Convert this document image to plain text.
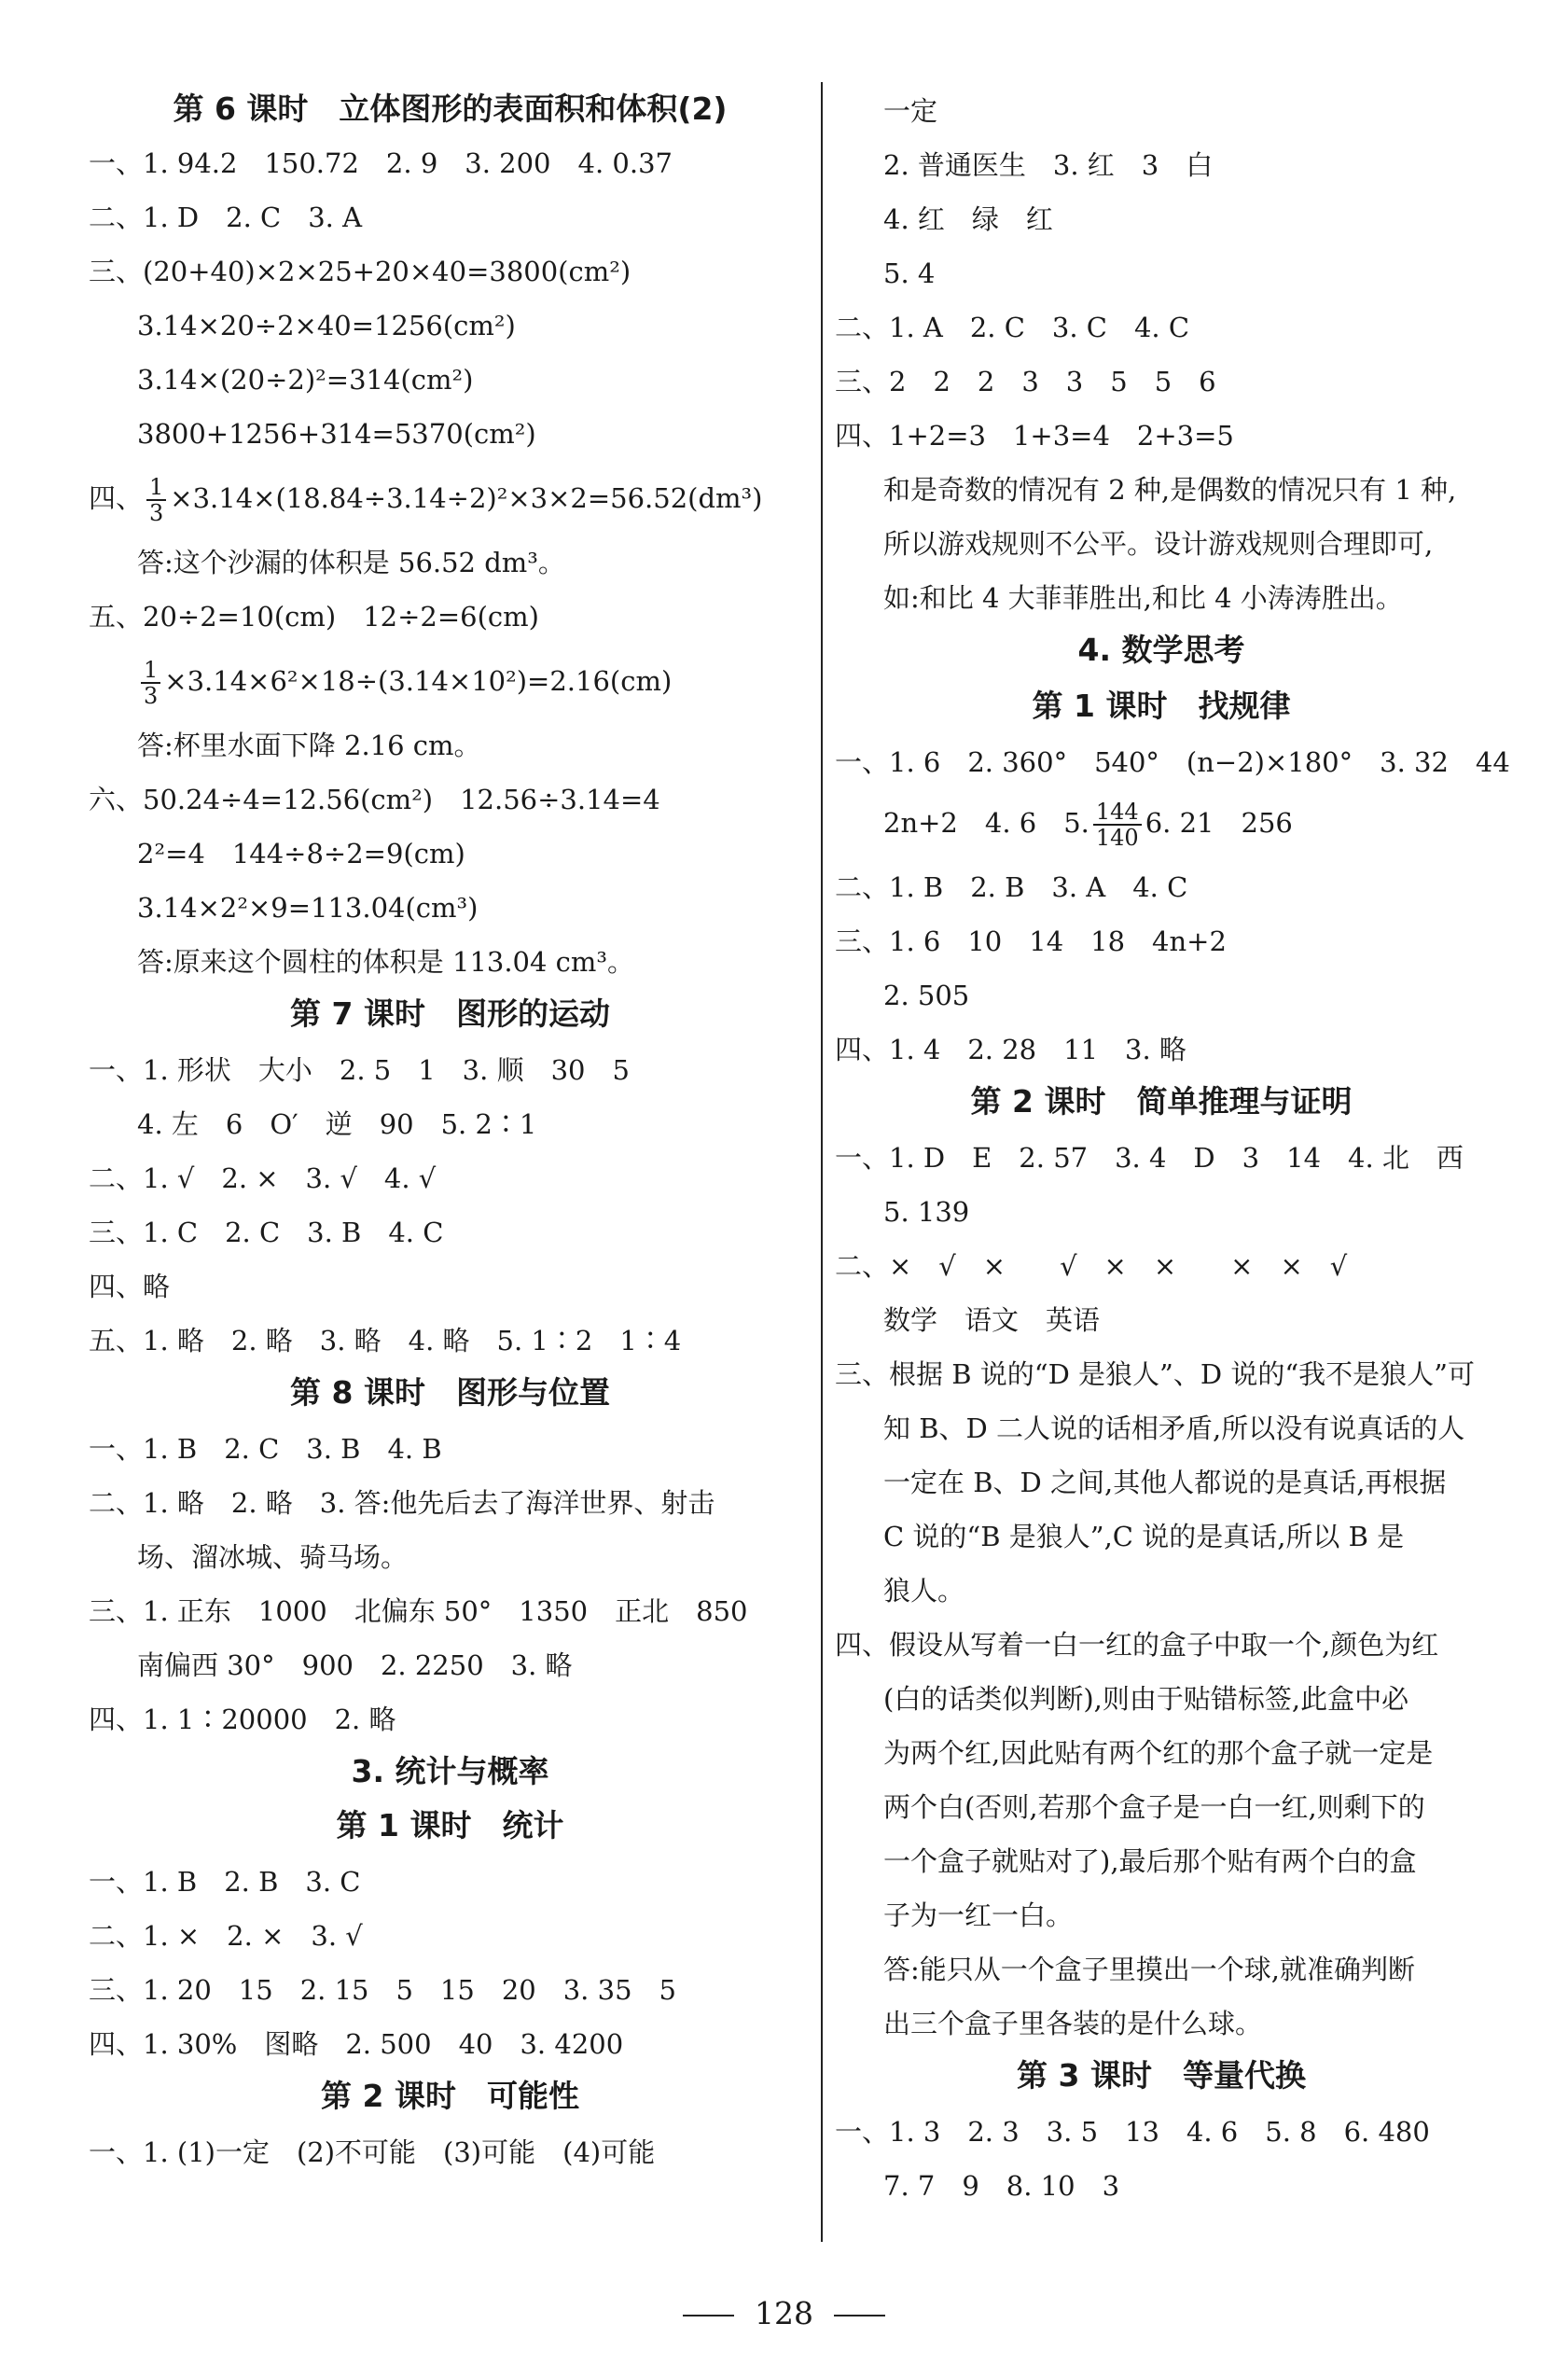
第 6 课时　立体图形的表面积和体积(2)
一、1. 94.2　150.72　2. 9　3. 200　4. 0.37
二、1. D　2. C　3. A
三、(20+40)×2×25+20×40=3800(cm²)
3.14×20÷2×40=1256(cm²)
3.14×(20÷2)²=314(cm²)
3800+1256+314=5370(cm²)
四、 $\frac{1}{3} \times 3.14\times(18.84\div 3.14\div 2)^2\times 3\times 2=56.52(dm^3)$
答:这个沙漏的体积是 56.52 dm³。
五、20÷2=10(cm)　12÷2=6(cm)
$\frac{1}{3} \times 3.14\times 6^2\times 18\div(3.14\times 10^2)=2.16(cm)$
答:杯里水面下降 2.16 cm。
六、50.24÷4=12.56(cm²)　12.56÷3.14=4
2²=4　144÷8÷2=9(cm)
3.14×2²×9=113.04(cm³)
答:原来这个圆柱的体积是 113.04 cm³。
第 7 课时　图形的运动
一、1. 形状　大小　2. 5　1　3. 顺　30　5
4. 左　6　O′　逆　90　5. 2∶1
二、1. √　2. ×　3. √　4. √
三、1. C　2. C　3. B　4. C
四、略
五、1. 略　2. 略　3. 略　4. 略　5. 1∶2　1∶4
第 8 课时　图形与位置
一、1. B　2. C　3. B　4. B
二、1. 略　2. 略　3. 答:他先后去了海洋世界、射击
场、溜冰城、骑马场。
三、1. 正东　1000　北偏东 50°　1350　正北　850
南偏西 30°　900　2. 2250　3. 略
四、1. 1∶20000　2. 略
3. 统计与概率
第 1 课时　统计
一、1. B　2. B　3. C
二、1. ×　2. ×　3. √
三、1. 20　15　2. 15　5　15　20　3. 35　5
四、1. 30%　图略　2. 500　40　3. 4200
第 2 课时　可能性
一、1. (1)一定　(2)不可能　(3)可能　(4)可能
一定
2. 普通医生　3. 红　3　白
4. 红　绿　红
5. 4
二、1. A　2. C　3. C　4. C
三、2　2　2　3　3　5　5　6
四、1+2=3　1+3=4　2+3=5
和是奇数的情况有 2 种,是偶数的情况只有 1 种,
所以游戏规则不公平。设计游戏规则合理即可,
如:和比 4 大菲菲胜出,和比 4 小涛涛胜出。
4. 数学思考
第 1 课时　找规律
一、1. 6　2. 360°　540°　(n−2)×180°　3. 32　44
2n+2　4. 6　5. $\frac{144}{140} 6$. 21　256
二、1. B　2. B　3. A　4. C
三、1. 6　10　14　18　4n+2
2. 505
四、1. 4　2. 28　11　3. 略
第 2 课时　简单推理与证明
一、1. D　E　2. 57　3. 4　D　3　14　4. 北　西
5. 139
二、×　√　×　　√　×　×　　×　×　√
数学　语文　英语
三、根据 B 说的“D 是狼人”、D 说的“我不是狼人”可
知 B、D 二人说的话相矛盾,所以没有说真话的人
一定在 B、D 之间,其他人都说的是真话,再根据
C 说的“B 是狼人”,C 说的是真话,所以 B 是
狼人。
四、假设从写着一白一红的盒子中取一个,颜色为红
(白的话类似判断),则由于贴错标签,此盒中必
为两个红,因此贴有两个红的那个盒子就一定是
两个白(否则,若那个盒子是一白一红,则剩下的
一个盒子就贴对了),最后那个贴有两个白的盒
子为一红一白。
答:能只从一个盒子里摸出一个球,就准确判断
出三个盒子里各装的是什么球。
第 3 课时　等量代换
一、1. 3　2. 3　3. 5　13　4. 6　5. 8　6. 480
7. 7　9　8. 10　3
128
